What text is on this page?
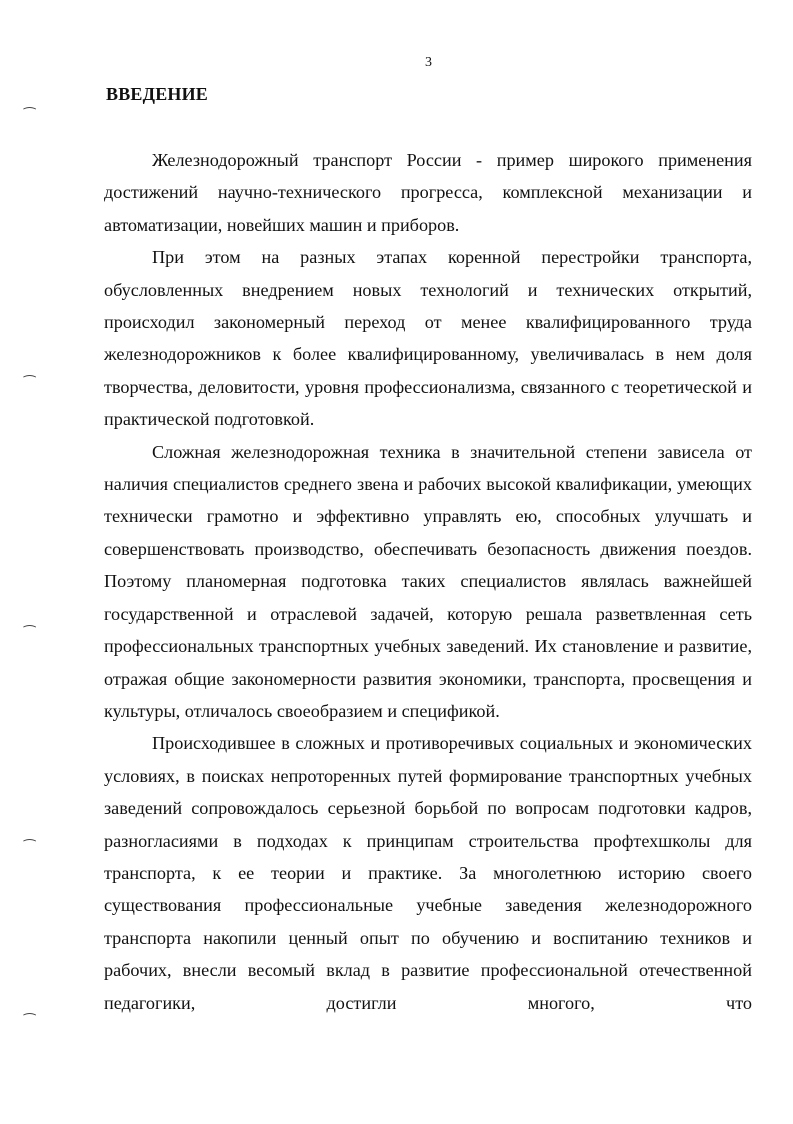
3
ВВЕДЕНИЕ

Железнодорожный транспорт России - пример широкого применения достижений научно-технического прогресса, комплексной механизации и автоматизации, новейших машин и приборов.

При этом на разных этапах коренной перестройки транспорта, обусловленных внедрением новых технологий и технических открытий, происходил закономерный переход от менее квалифицированного труда железнодорожников к более квалифицированному, увеличивалась в нем доля творчества, деловитости, уровня профессионализма, связанного с теоретической и практической подготовкой.

Сложная железнодорожная техника в значительной степени зависела от наличия специалистов среднего звена и рабочих высокой квалификации, умеющих технически грамотно и эффективно управлять ею, способных улучшать и совершенствовать производство, обеспечивать безопасность движения поездов. Поэтому планомерная подготовка таких специалистов являлась важнейшей государственной и отраслевой задачей, которую решала разветвленная сеть профессиональных транспортных учебных заведений. Их становление и развитие, отражая общие закономерности развития экономики, транспорта, просвещения и культуры, отличалось своеобразием и спецификой.

Происходившее в сложных и противоречивых социальных и экономических условиях, в поисках непроторенных путей формирование транспортных учебных заведений сопровождалось серьезной борьбой по вопросам подготовки кадров, разногласиями в подходах к принципам строительства профтехшколы для транспорта, к ее теории и практике. За многолетнюю историю своего существования профессиональные учебные заведения железнодорожного транспорта накопили ценный опыт по обучению и воспитанию техников и рабочих, внесли весомый вклад в развитие профессиональной отечественной педагогики, достигли многого, что

⁀
⁀
⁀
⁀
⁀
